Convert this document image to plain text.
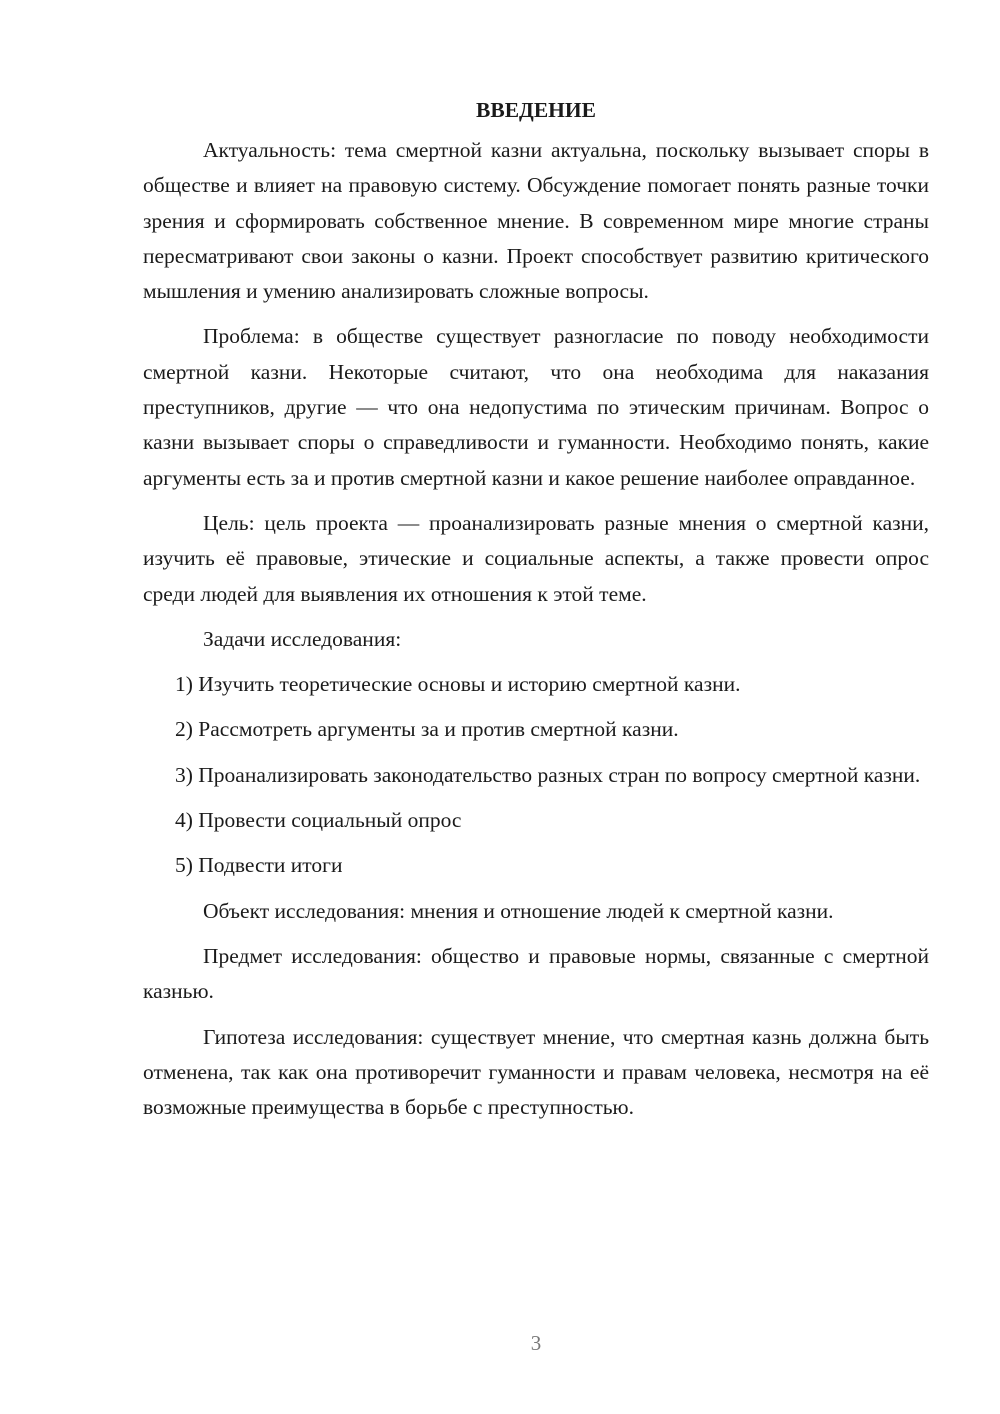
ВВЕДЕНИЕ

Актуальность: тема смертной казни актуальна, поскольку вызывает споры в обществе и влияет на правовую систему. Обсуждение помогает понять разные точки зрения и сформировать собственное мнение. В современном мире многие страны пересматривают свои законы о казни. Проект способствует развитию критического мышления и умению анализировать сложные вопросы.

Проблема: в обществе существует разногласие по поводу необходимости смертной казни. Некоторые считают, что она необходима для наказания преступников, другие — что она недопустима по этическим причинам. Вопрос о казни вызывает споры о справедливости и гуманности. Необходимо понять, какие аргументы есть за и против смертной казни и какое решение наиболее оправданное.

Цель: цель проекта — проанализировать разные мнения о смертной казни, изучить её правовые, этические и социальные аспекты, а также провести опрос среди людей для выявления их отношения к этой теме.

Задачи исследования:

1) Изучить теоретические основы и историю смертной казни.

2) Рассмотреть аргументы за и против смертной казни.

3) Проанализировать законодательство разных стран по вопросу смертной казни.

4) Провести социальный опрос

5) Подвести итоги

Объект исследования: мнения и отношение людей к смертной казни.

Предмет исследования: общество и правовые нормы, связанные с смертной казнью.

Гипотеза исследования: существует мнение, что смертная казнь должна быть отменена, так как она противоречит гуманности и правам человека, несмотря на её возможные преимущества в борьбе с преступностью.

3
